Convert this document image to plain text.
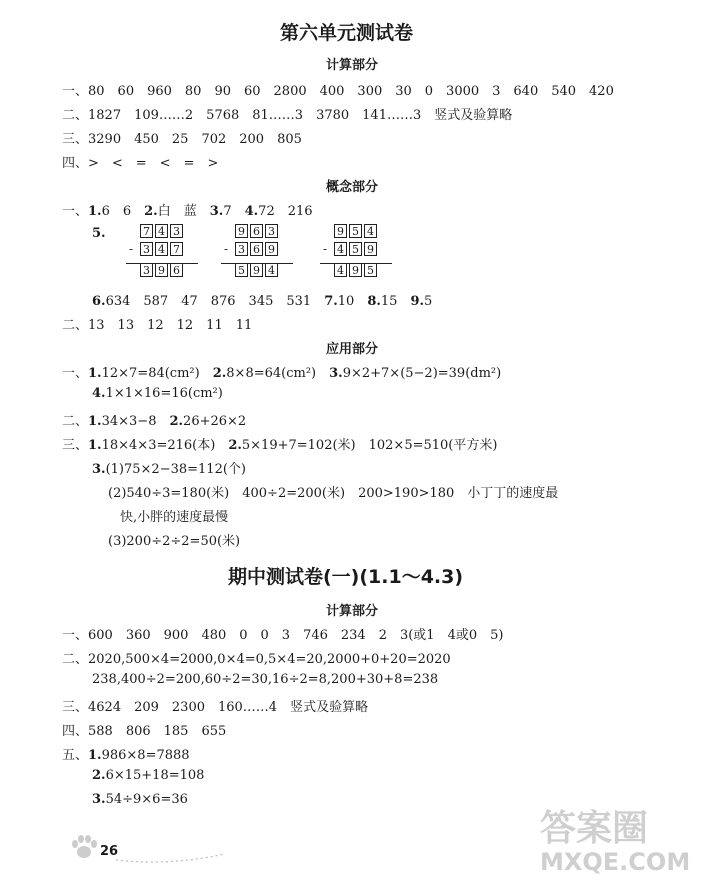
第六单元测试卷
计算部分
一、80　60　960　80　90　60　2800　400　300　30　0　3000　3　640　540　420
二、1827　109……2　5768　81……3　3780　141……3　竖式及验算略
三、3290　450　25　702　200　805
四、>　<　=　<　=　>
概念部分
一、1.6　6　2.白　蓝　3.7　4.72　216
5.	7 4 3
- 3 4 7
3 9 6
9 6 3
- 3 6 9
5 9 4
9 5 4
- 4 5 9
4 9 5
6.634　587　47　876　345　531　7.10　8.15　9.5
二、13　13　12　12　11　11
应用部分
一、1.12×7=84(cm²)　2.8×8=64(cm²)　3.9×2+7×(5−2)=39(dm²)
4.1×1×16=16(cm²)
二、1.34×3−8　2.26+26×2
三、1.18×4×3=216(本)　2.5×19+7=102(米)　102×5=510(平方米)
3.(1)75×2−38=112(个)
(2)540÷3=180(米)　400÷2=200(米)　200>190>180　小丁丁的速度最
快,小胖的速度最慢
(3)200÷2÷2=50(米)
期中测试卷(一)(1.1～4.3)
计算部分
一、600　360　900　480　0　0　3　746　234　2　3(或1　4或0　5)
二、2020,500×4=2000,0×4=0,5×4=20,2000+0+20=2020
238,400÷2=200,60÷2=30,16÷2=8,200+30+8=238
三、4624　209　2300　160……4　竖式及验算略
四、588　806　185　655
五、1.986×8=7888
2.6×15+18=108
3.54÷9×6=36
26
答案圈
MXQE.COM
